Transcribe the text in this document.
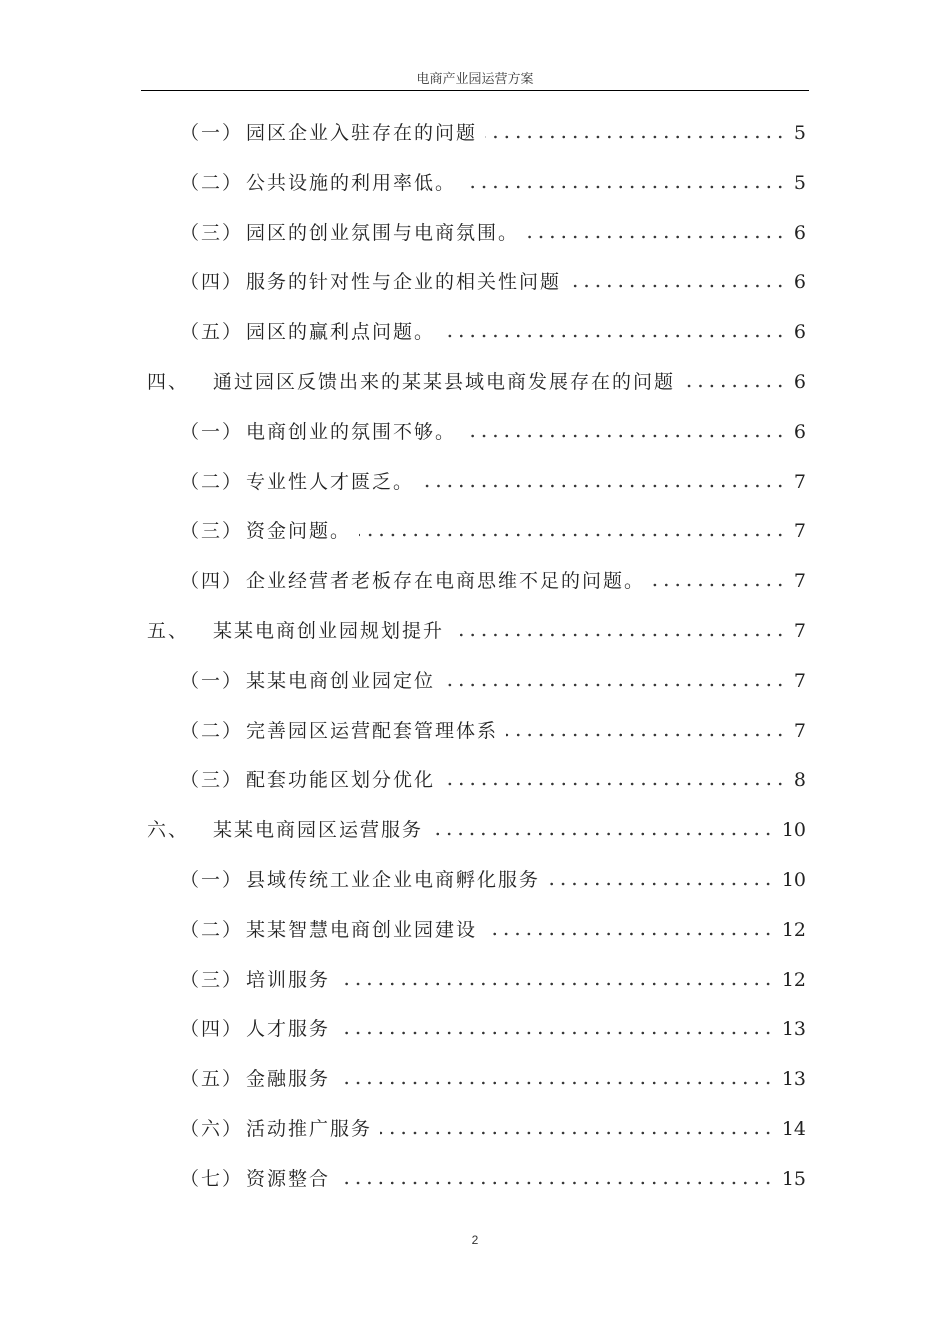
电商产业园运营方案
（一） 园区企业入驻存在的问题	5
（二） 公共设施的利用率低。	5
（三） 园区的创业氛围与电商氛围。	6
（四） 服务的针对性与企业的相关性问题	6
（五） 园区的赢利点问题。	6
四、	通过园区反馈出来的某某县域电商发展存在的问题	6
（一） 电商创业的氛围不够。	6
（二） 专业性人才匮乏。	7
（三） 资金问题。	7
（四） 企业经营者老板存在电商思维不足的问题。	7
五、	某某电商创业园规划提升	7
（一） 某某电商创业园定位	7
（二） 完善园区运营配套管理体系	7
（三） 配套功能区划分优化	8
六、	某某电商园区运营服务	10
（一） 县域传统工业企业电商孵化服务	10
（二） 某某智慧电商创业园建设	12
（三） 培训服务	12
（四） 人才服务	13
（五） 金融服务	13
（六） 活动推广服务	14
（七） 资源整合	15
2
